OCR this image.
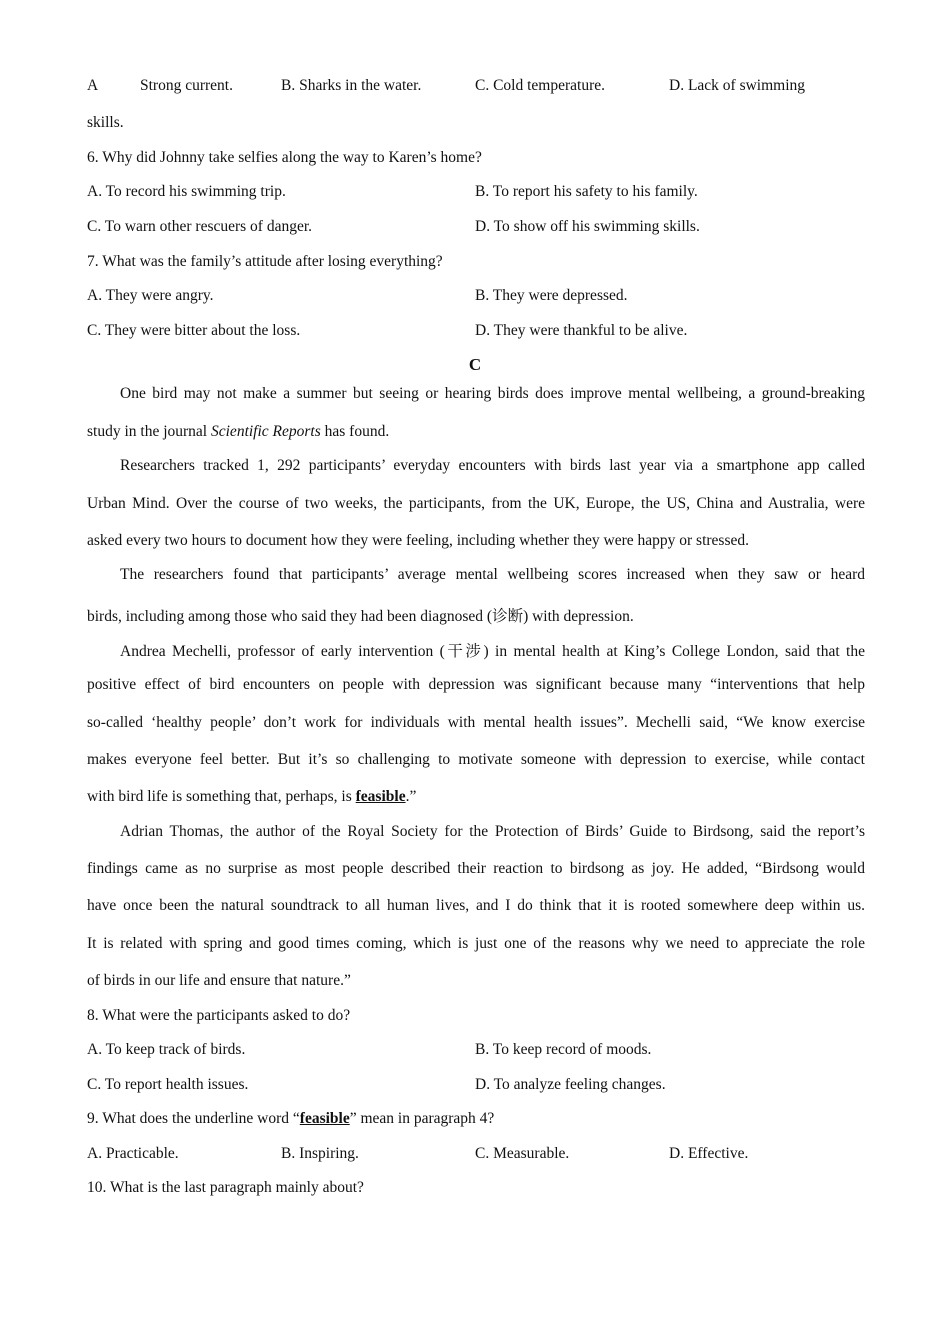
A	Strong current.	B. Sharks in the water.	C. Cold temperature.	D. Lack of swimming
skills.
6. Why did Johnny take selfies along the way to Karen’s home?
A. To record his swimming trip.	B. To report his safety to his family.
C. To warn other rescuers of danger.	D. To show off his swimming skills.
7. What was the family’s attitude after losing everything?
A. They were angry.	B. They were depressed.
C. They were bitter about the loss.	D. They were thankful to be alive.
C
One bird may not make a summer but seeing or hearing birds does improve mental wellbeing, a ground-breaking
study in the journal Scientific Reports has found.
Researchers tracked 1, 292 participants’ everyday encounters with birds last year via a smartphone app called
Urban Mind. Over the course of two weeks, the participants, from the UK, Europe, the US, China and Australia, were
asked every two hours to document how they were feeling, including whether they were happy or stressed.
The researchers found that participants’ average mental wellbeing scores increased when they saw or heard
birds, including among those who said they had been diagnosed (诊断) with depression.
Andrea Mechelli, professor of early intervention (干涉) in mental health at King’s College London, said that the
positive effect of bird encounters on people with depression was significant because many “interventions that help
so-called ‘healthy people’ don’t work for individuals with mental health issues”. Mechelli said, “We know exercise
makes everyone feel better. But it’s so challenging to motivate someone with depression to exercise, while contact
with bird life is something that, perhaps, is feasible.”
Adrian Thomas, the author of the Royal Society for the Protection of Birds’ Guide to Birdsong, said the report’s
findings came as no surprise as most people described their reaction to birdsong as joy. He added, “Birdsong would
have once been the natural soundtrack to all human lives, and I do think that it is rooted somewhere deep within us.
It is related with spring and good times coming, which is just one of the reasons why we need to appreciate the role
of birds in our life and ensure that nature.”
8. What were the participants asked to do?
A. To keep track of birds.	B. To keep record of moods.
C. To report health issues.	D. To analyze feeling changes.
9. What does the underline word “feasible” mean in paragraph 4?
A. Practicable.	B. Inspiring.	C. Measurable.	D. Effective.
10. What is the last paragraph mainly about?
